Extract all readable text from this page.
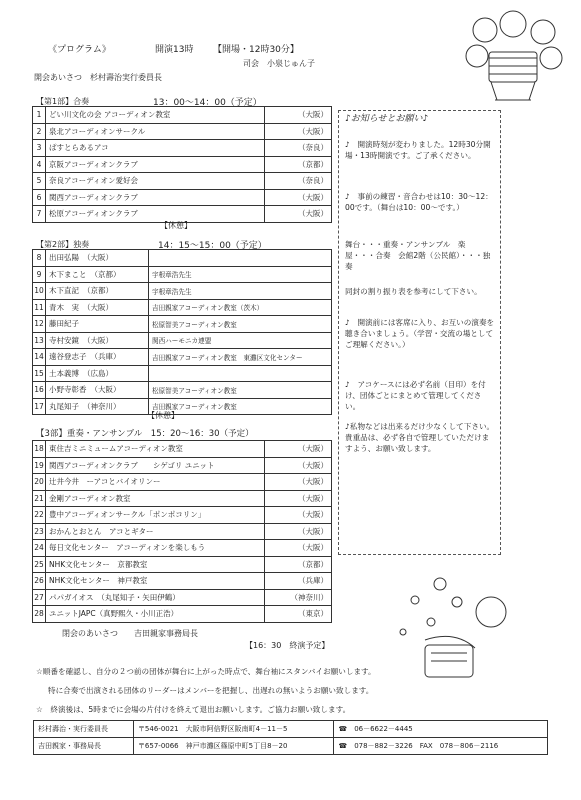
《プログラム》	開演13時 【開場・12時30分】
司会　小泉じゅん子
開会あいさつ　杉村壽治実行委員長
【第1部】合奏	13：00～14：00（予定）
1	どい川文化の会 アコーディオン教室	（大阪）
2	泉北アコーディオンサークル	（大阪）
3	ぱすとらあるアコ	（奈良）
4	京阪アコーディオンクラブ	（京都）
5	奈良アコーディオン愛好会	（奈良）
6	関西アコーディオンクラブ	（大阪）
7	松原アコーディオンクラブ	（大阪）
【休憩】
【第2部】独奏	14：15～15：00（予定）
8	出田弘陽 （大阪）	
9	木下まこと （京都）	宇根章浩先生
10	木下直記 （京都）	宇根章浩先生
11	青木　実 （大阪）	吉田親家アコーディオン教室（茨木）
12	藤田紀子	松原智美アコーディオン教室
13	寺村安鏡 （大阪）	関西ハーモニカ連盟
14	遠谷登志子 （兵庫）	吉田親家アコーディオン教室　東灘区文化センター
15	土本義博 （広島）	
16	小野寺彰香 （大阪）	松原智美アコーディオン教室
17	丸尾知子 （神奈川）	吉田親家アコーディオン教室
【休憩】
【3部】重奏・アンサンブル　15：20～16：30（予定）
18	東住吉ミニミュームアコーディオン教室	（大阪）
19	関西アコーディオンクラブ　　シゲゴリ ユニット	（大阪）
20	辻井今井　ーアコとバイオリンー	（大阪）
21	金剛アコーディオン教室	（大阪）
22	豊中アコーディオンサークル「ポンポコリン」	（大阪）
23	おかんとおとん　アコとギター	（大阪）
24	毎日文化センター　アコーディオンを楽しもう	（大阪）
25	NHK文化センター　京都教室	（京都）
26	NHK文化センター　神戸教室	（兵庫）
27	パパガイオス　（丸尾知子・矢田伊鶴）	（神奈川）
28	ユニットJAPC（真野熙久・小川正浩）	（東京）
閉会のあいさつ　　吉田親家事務局長
【16：30　終演予定】
♪お知らせとお願い♪
♪　開演時刻が変わりました。12時30分開場・13時開演です。ご了承ください。
♪　事前の練習・音合わせは10：30～12：00です。（舞台は10：00～です。）
舞台・・・重奏・アンサンブル　楽屋・・・合奏　会館2階（公民館）・・・独奏
同封の割り振り表を参考にして下さい。
♪　開演前には客席に入り、お互いの演奏を聴き合いましょう。（学習・交流の場としてご理解ください。）
♪　アコケースには必ず名前（目印）を付け、団体ごとにまとめて管理してください。
♪私物などは出来るだけ少なくして下さい。貴重品は、必ず各自で管理していただけますよう、お願い致します。
☆順番を確認し、自分の２つ前の団体が舞台に上がった時点で、舞台袖にスタンバイお願いします。
特に合奏で出演される団体のリーダーはメンバーを把握し、出遅れの無いようお願い致します。
☆　終演後は、5時までに会場の片付けを終えて退出お願いします。ご協力お願い致します。
杉村壽治・実行委員長	〒546-0021　大阪市阿倍野区阪南町4－11－5	☎　06－6622－4445
吉田親家・事務局長	〒657-0066　神戸市灘区篠原中町5丁目8－20	☎　078－882－3226　FAX　078－806－2116
